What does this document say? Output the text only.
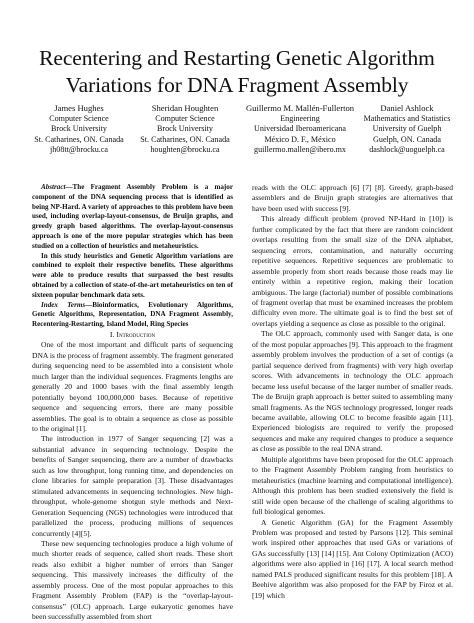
Recentering and Restarting Genetic Algorithm
Variations for DNA Fragment Assembly
James Hughes
Computer Science
Brock University
St. Catharines, ON. Canada
jh08tt@brocku.ca
Sheridan Houghten
Computer Science
Brock University
St. Catharines, ON. Canada
houghten@brocku.ca
Guillermo M. Mallén-Fullerton
Engineering
Universidad Iberoamericana
México D. F., México
guillermo.mallen@ibero.mx
Daniel Ashlock
Mathematics and Statistics
University of Guelph
Guelph, ON. Canada
dashlock@uoguelph.ca

Abstract—The Fragment Assembly Problem is a major component of the DNA sequencing process that is identified as being NP-Hard. A variety of approaches to this problem have been used, including overlap-layout-consensus, de Bruijn graphs, and greedy graph based algorithms. The overlap-layout-consensus approach is one of the more popular strategies which has been studied on a collection of heuristics and metaheuristics.

In this study heuristics and Genetic Algorithm variations are combined to exploit their respective benefits. These algorithms were able to produce results that surpassed the best results obtained by a collection of state-of-the-art metaheuristics on ten of sixteen popular benchmark data sets.

Index Terms—Bioinformatics, Evolutionary Algorithms, Genetic Algorithms, Representation, DNA Fragment Assembly, Recentering-Restarting, Island Model, Ring Species

I. Introduction

One of the most important and difficult parts of sequencing DNA is the process of fragment assembly. The fragment generated during sequencing need to be assembled into a consistent whole much larger than the individual sequences. Fragments lengths are generally 20 and 1000 bases with the final assembly length potentially beyond 100,000,000 bases. Because of repetitive sequence and sequencing errors, there are many possible assemblies. The goal is to obtain a sequence as close as possible to the original [1].

The introduction in 1977 of Sanger sequencing [2] was a substantial advance in sequencing technology. Despite the benefits of Sanger sequencing, there are a number of drawbacks such as low throughput, long running time, and dependencies on clone libraries for sample preparation [3]. These disadvantages stimulated advancements in sequencing technologies. New high-throughput, whole-genome shotgun style methods and Next-Generation Sequencing (NGS) technologies were introduced that parallelized the process, producing millions of sequences concurrently [4][5].

These new sequencing technologies produce a high volume of much shorter reads of sequence, called short reads. These short reads also exhibit a higher number of errors than Sanger sequencing. This massively increases the difficulty of the assembly process. One of the most popular approaches to this Fragment Assembly Problem (FAP) is the “overlap-layout-consensus” (OLC) approach. Large eukaryotic genomes have been successfully assembled from short

reads with the OLC approach [6] [7] [8]. Greedy, graph-based assemblers and de Bruijn graph strategies are alternatives that have been used with success [9].

This already difficult problem (proved NP-Hard in [10]) is further complicated by the fact that there are random coincident overlaps resulting from the small size of the DNA alphabet, sequencing errors, contamination, and naturally occurring repetitive sequences. Repetitive sequences are problematic to assemble properly from short reads because those reads may lie entirely within a repetitive region, making their location ambiguous. The large (factorial) number of possible combinations of fragment overlap that must be examined increases the problem difficulty even more. The ultimate goal is to find the best set of overlaps yielding a sequence as close as possible to the original.

The OLC approach, commonly used with Sanger data, is one of the most popular approaches [9]. This approach to the fragment assembly problem involves the production of a set of contigs (a partial sequence derived from fragments) with very high overlap scores. With advancements in technology the OLC approach became less useful because of the larger number of smaller reads. The de Bruijn graph approach is better suited to assembling many small fragments. As the NGS technology progressed, longer reads became available, allowing OLC to become feasible again [11]. Experienced biologists are required to verify the proposed sequences and make any required changes to produce a sequence as close as possible to the real DNA strand.

Multiple algorithms have been proposed for the OLC approach to the Fragment Assembly Problem ranging from heuristics to metaheuristics (machine learning and computational intelligence). Although this problem has been studied extensively the field is still wide open because of the challenge of scaling algorithms to full biological genomes.

A Genetic Algorithm (GA) for the Fragment Assembly Problem was proposed and tested by Parsons [12]. This seminal work inspired other approaches that used GAs or variations of GAs successfully [13] [14] [15]. Ant Colony Optimization (ACO) algorithms were also applied in [16] [17]. A local search method named PALS produced significant results for this problem [18]. A Beehive algorithm was also proposed for the FAP by Firoz et al. [19] which
